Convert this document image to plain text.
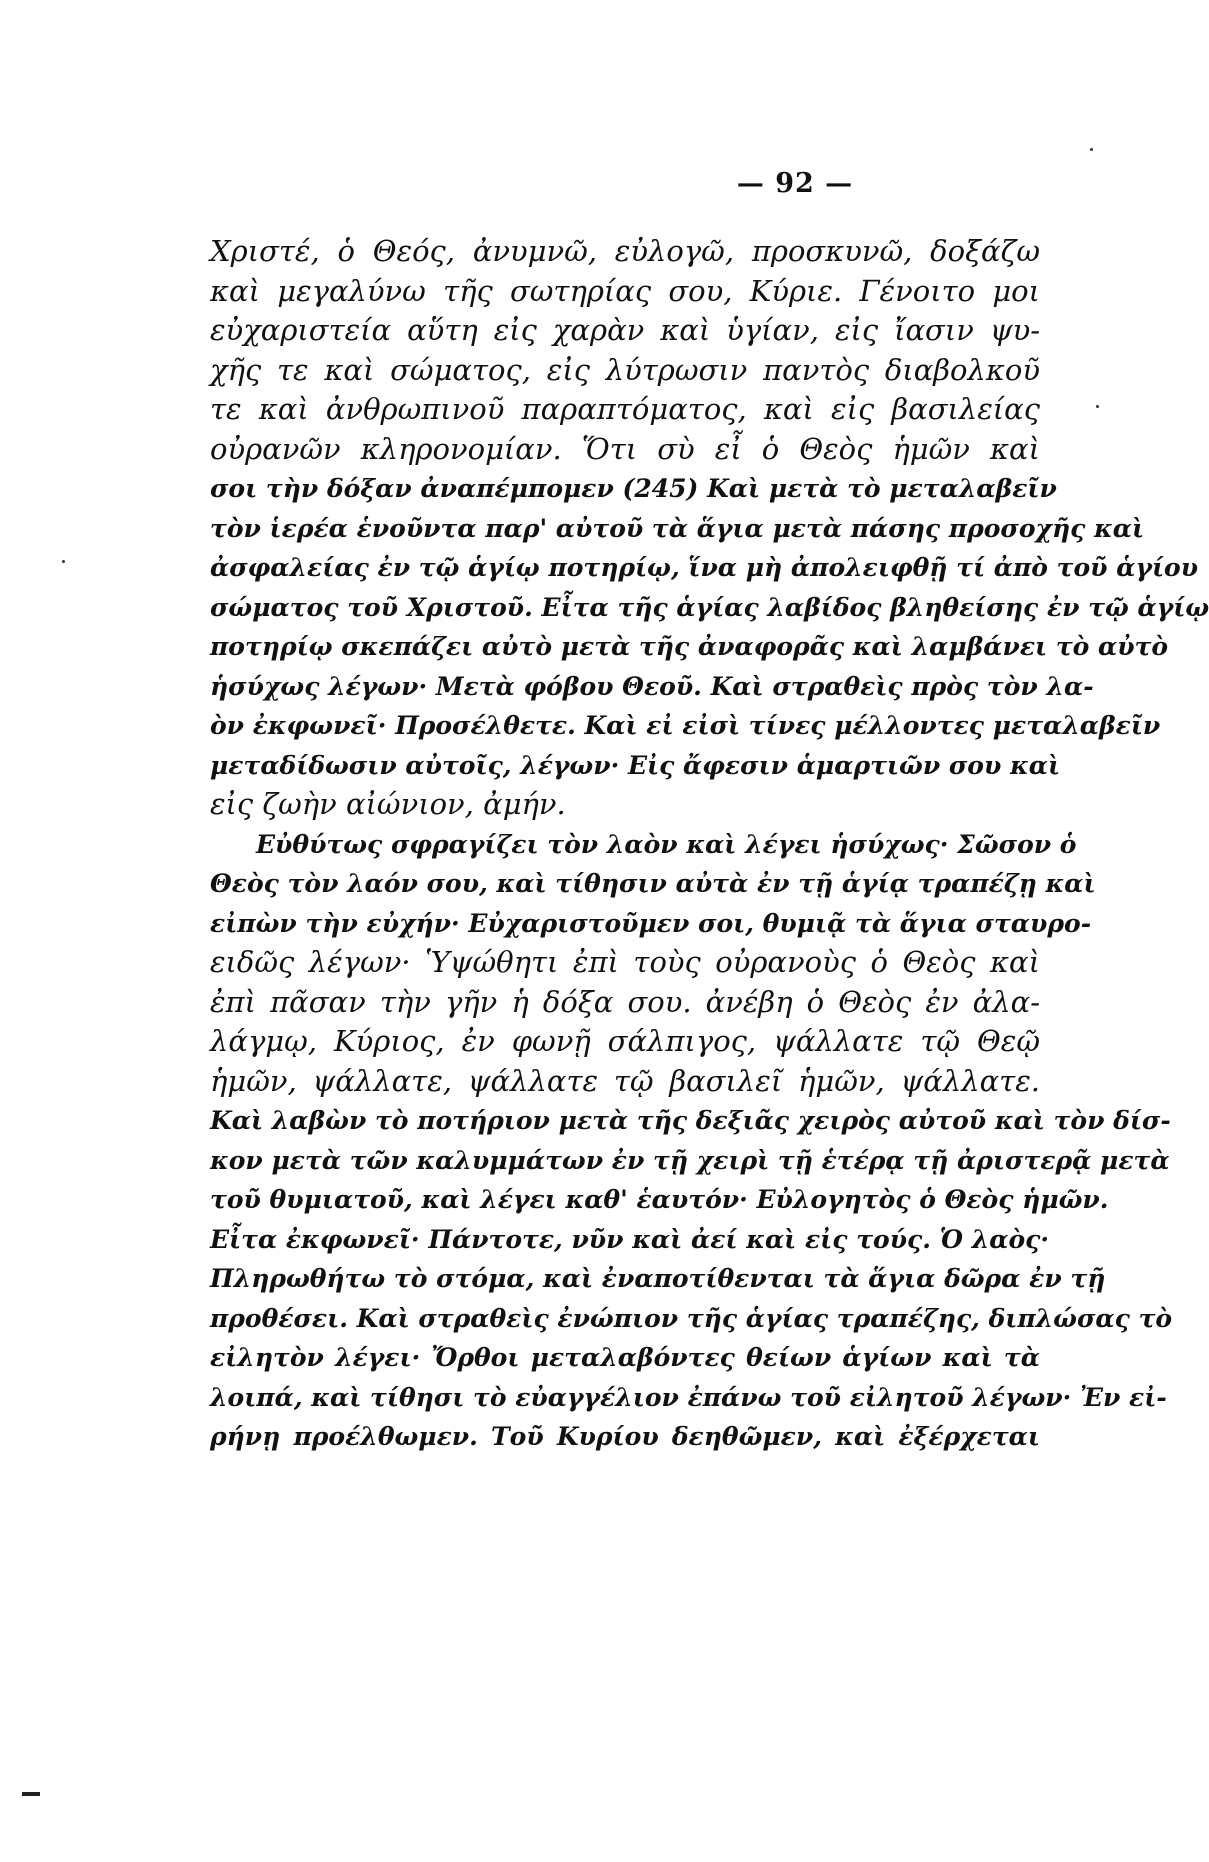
— 92 —
Χριστέ, ὁ Θεός, ἀνυμνῶ, εὐλογῶ, προσκυνῶ, δοξάζω
καὶ μεγαλύνω τῆς σωτηρίας σου, Κύριε. Γένοιτο μοι
εὐχαριστεία αὕτη εἰς χαρὰν καὶ ὑγίαν, εἰς ἴασιν ψυ-
χῆς τε καὶ σώματος, εἰς λύτρωσιν παντὸς διαβολκοῦ
τε καὶ ἀνθρωπινοῦ παραπτόματος, καὶ εἰς βασιλείας
οὐρανῶν κληρονομίαν. Ὅτι σὺ εἶ ὁ Θεὸς ἡμῶν καὶ
σοι τὴν δόξαν ἀναπέμπομεν (245) Καὶ μετὰ τὸ μεταλαβεῖν
τὸν ἱερέα ἑνοῦντα παρ' αὐτοῦ τὰ ἅγια μετὰ πάσης προσοχῆς καὶ
ἀσφαλείας ἐν τῷ ἁγίῳ ποτηρίῳ, ἵνα μὴ ἀπολειφθῇ τί ἀπὸ τοῦ ἁγίου
σώματος τοῦ Χριστοῦ. Εἶτα τῆς ἁγίας λαβίδος βληθείσης ἐν τῷ ἁγίῳ
ποτηρίῳ σκεπάζει αὐτὸ μετὰ τῆς ἀναφορᾶς καὶ λαμβάνει τὸ αὐτὸ
ἡσύχως λέγων· Μετὰ φόβου Θεοῦ. Καὶ στραθεὶς πρὸς τὸν λα-
ὸν ἐκφωνεῖ· Προσέλθετε. Καὶ εἰ εἰσὶ τίνες μέλλοντες μεταλαβεῖν
μεταδίδωσιν αὐτοῖς, λέγων· Εἰς ἄφεσιν ἁμαρτιῶν σου καὶ
εἰς ζωὴν αἰώνιον, ἀμήν.
Εὐθύτως σφραγίζει τὸν λαὸν καὶ λέγει ἡσύχως· Σῶσον ὁ
Θεὸς τὸν λαόν σου, καὶ τίθησιν αὐτὰ ἐν τῇ ἁγίᾳ τραπέζῃ καὶ
εἰπὼν τὴν εὐχήν· Εὐχαριστοῦμεν σοι, θυμιᾷ τὰ ἅγια σταυρο-
ειδῶς λέγων· Ὑψώθητι ἐπὶ τοὺς οὐρανοὺς ὁ Θεὸς καὶ
ἐπὶ πᾶσαν τὴν γῆν ἡ δόξα σου. ἀνέβη ὁ Θεὸς ἐν ἀλα-
λάγμῳ, Κύριος, ἐν φωνῇ σάλπιγος, ψάλλατε τῷ Θεῷ
ἡμῶν, ψάλλατε, ψάλλατε τῷ βασιλεῖ ἡμῶν, ψάλλατε.
Καὶ λαβὼν τὸ ποτήριον μετὰ τῆς δεξιᾶς χειρὸς αὐτοῦ καὶ τὸν δίσ-
κον μετὰ τῶν καλυμμάτων ἐν τῇ χειρὶ τῇ ἑτέρᾳ τῇ ἀριστερᾷ μετὰ
τοῦ θυμιατοῦ, καὶ λέγει καθ' ἑαυτόν· Εὐλογητὸς ὁ Θεὸς ἡμῶν.
Εἶτα ἐκφωνεῖ· Πάντοτε, νῦν καὶ ἀεί καὶ εἰς τούς. Ὁ λαὸς·
Πληρωθήτω τὸ στόμα, καὶ ἐναποτίθενται τὰ ἅγια δῶρα ἐν τῇ
προθέσει. Καὶ στραθεὶς ἐνώπιον τῆς ἁγίας τραπέζης, διπλώσας τὸ
εἰλητὸν λέγει· Ὄρθοι μεταλαβόντες θείων ἁγίων καὶ τὰ
λοιπά, καὶ τίθησι τὸ εὐαγγέλιον ἐπάνω τοῦ εἰλητοῦ λέγων· Ἐν εἰ-
ρήνῃ προέλθωμεν. Τοῦ Κυρίου δεηθῶμεν, καὶ ἐξέρχεται
